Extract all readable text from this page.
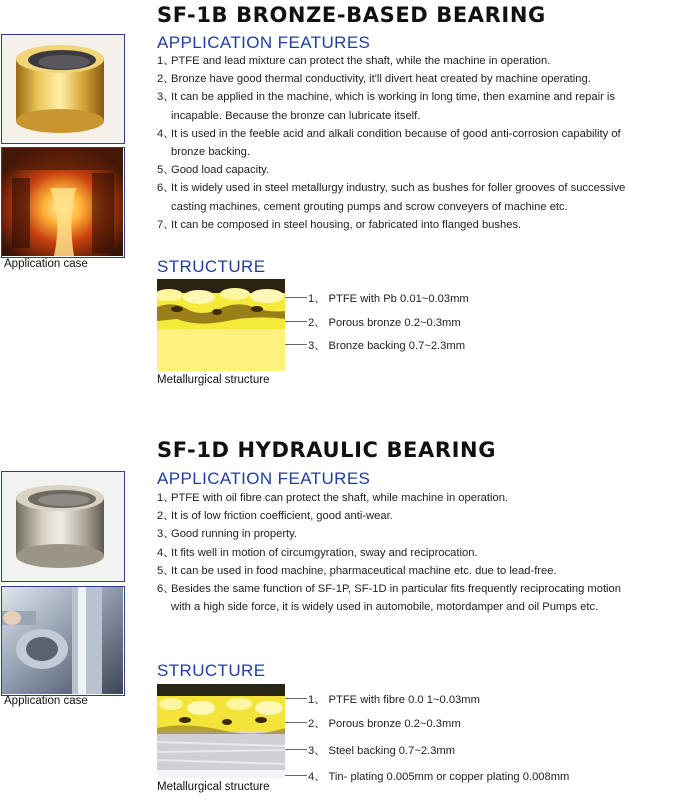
SF-1B BRONZE-BASED BEARING
APPLICATION FEATURES
Application case
1、PTFE and lead mixture can protect the shaft, while the machine in operation.
2、Bronze have good thermal conductivity, it'll divert heat created by machine operating.
3、It can be applied in the machine, which is working in long time, then examine and repair is
incapable. Because the bronze can lubricate itself.
4、It is used in the feeble acid and alkali condition because of good anti-corrosion capability of
bronze backing.
5、Good load capacity.
6、It is widely used in steel metallurgy industry, such as bushes for foller grooves of successive
casting machines, cement grouting pumps and scrow conveyers of machine etc.
7、It can be composed in steel housing, or fabricated into flanged bushes.
STRUCTURE
1、 PTFE with Pb 0.01~0.03mm
2、 Porous bronze 0.2~0.3mm
3、 Bronze backing 0.7~2.3mm
Metallurgical structure
SF-1D HYDRAULIC BEARING
APPLICATION FEATURES
Application case
1、PTFE with oil fibre can protect the shaft, while machine in operation.
2、It is of low friction coefficient, good anti-wear.
3、Good running in property.
4、It fits well in motion of circumgyration, sway and reciprocation.
5、It can be used in food machine, pharmaceutical machine etc. due to lead-free.
6、Besides the same function of SF-1P, SF-1D in particular fits frequently reciprocating motion
with a high side force, it is widely used in automobile, motordamper and oil Pumps etc.
STRUCTURE
1、 PTFE with fibre 0.0 1~0.03mm
2、 Porous bronze 0.2~0.3mm
3、 Steel backing 0.7~2.3mm
4、 Tin- plating 0.005mm or copper plating 0.008mm
Metallurgical structure
